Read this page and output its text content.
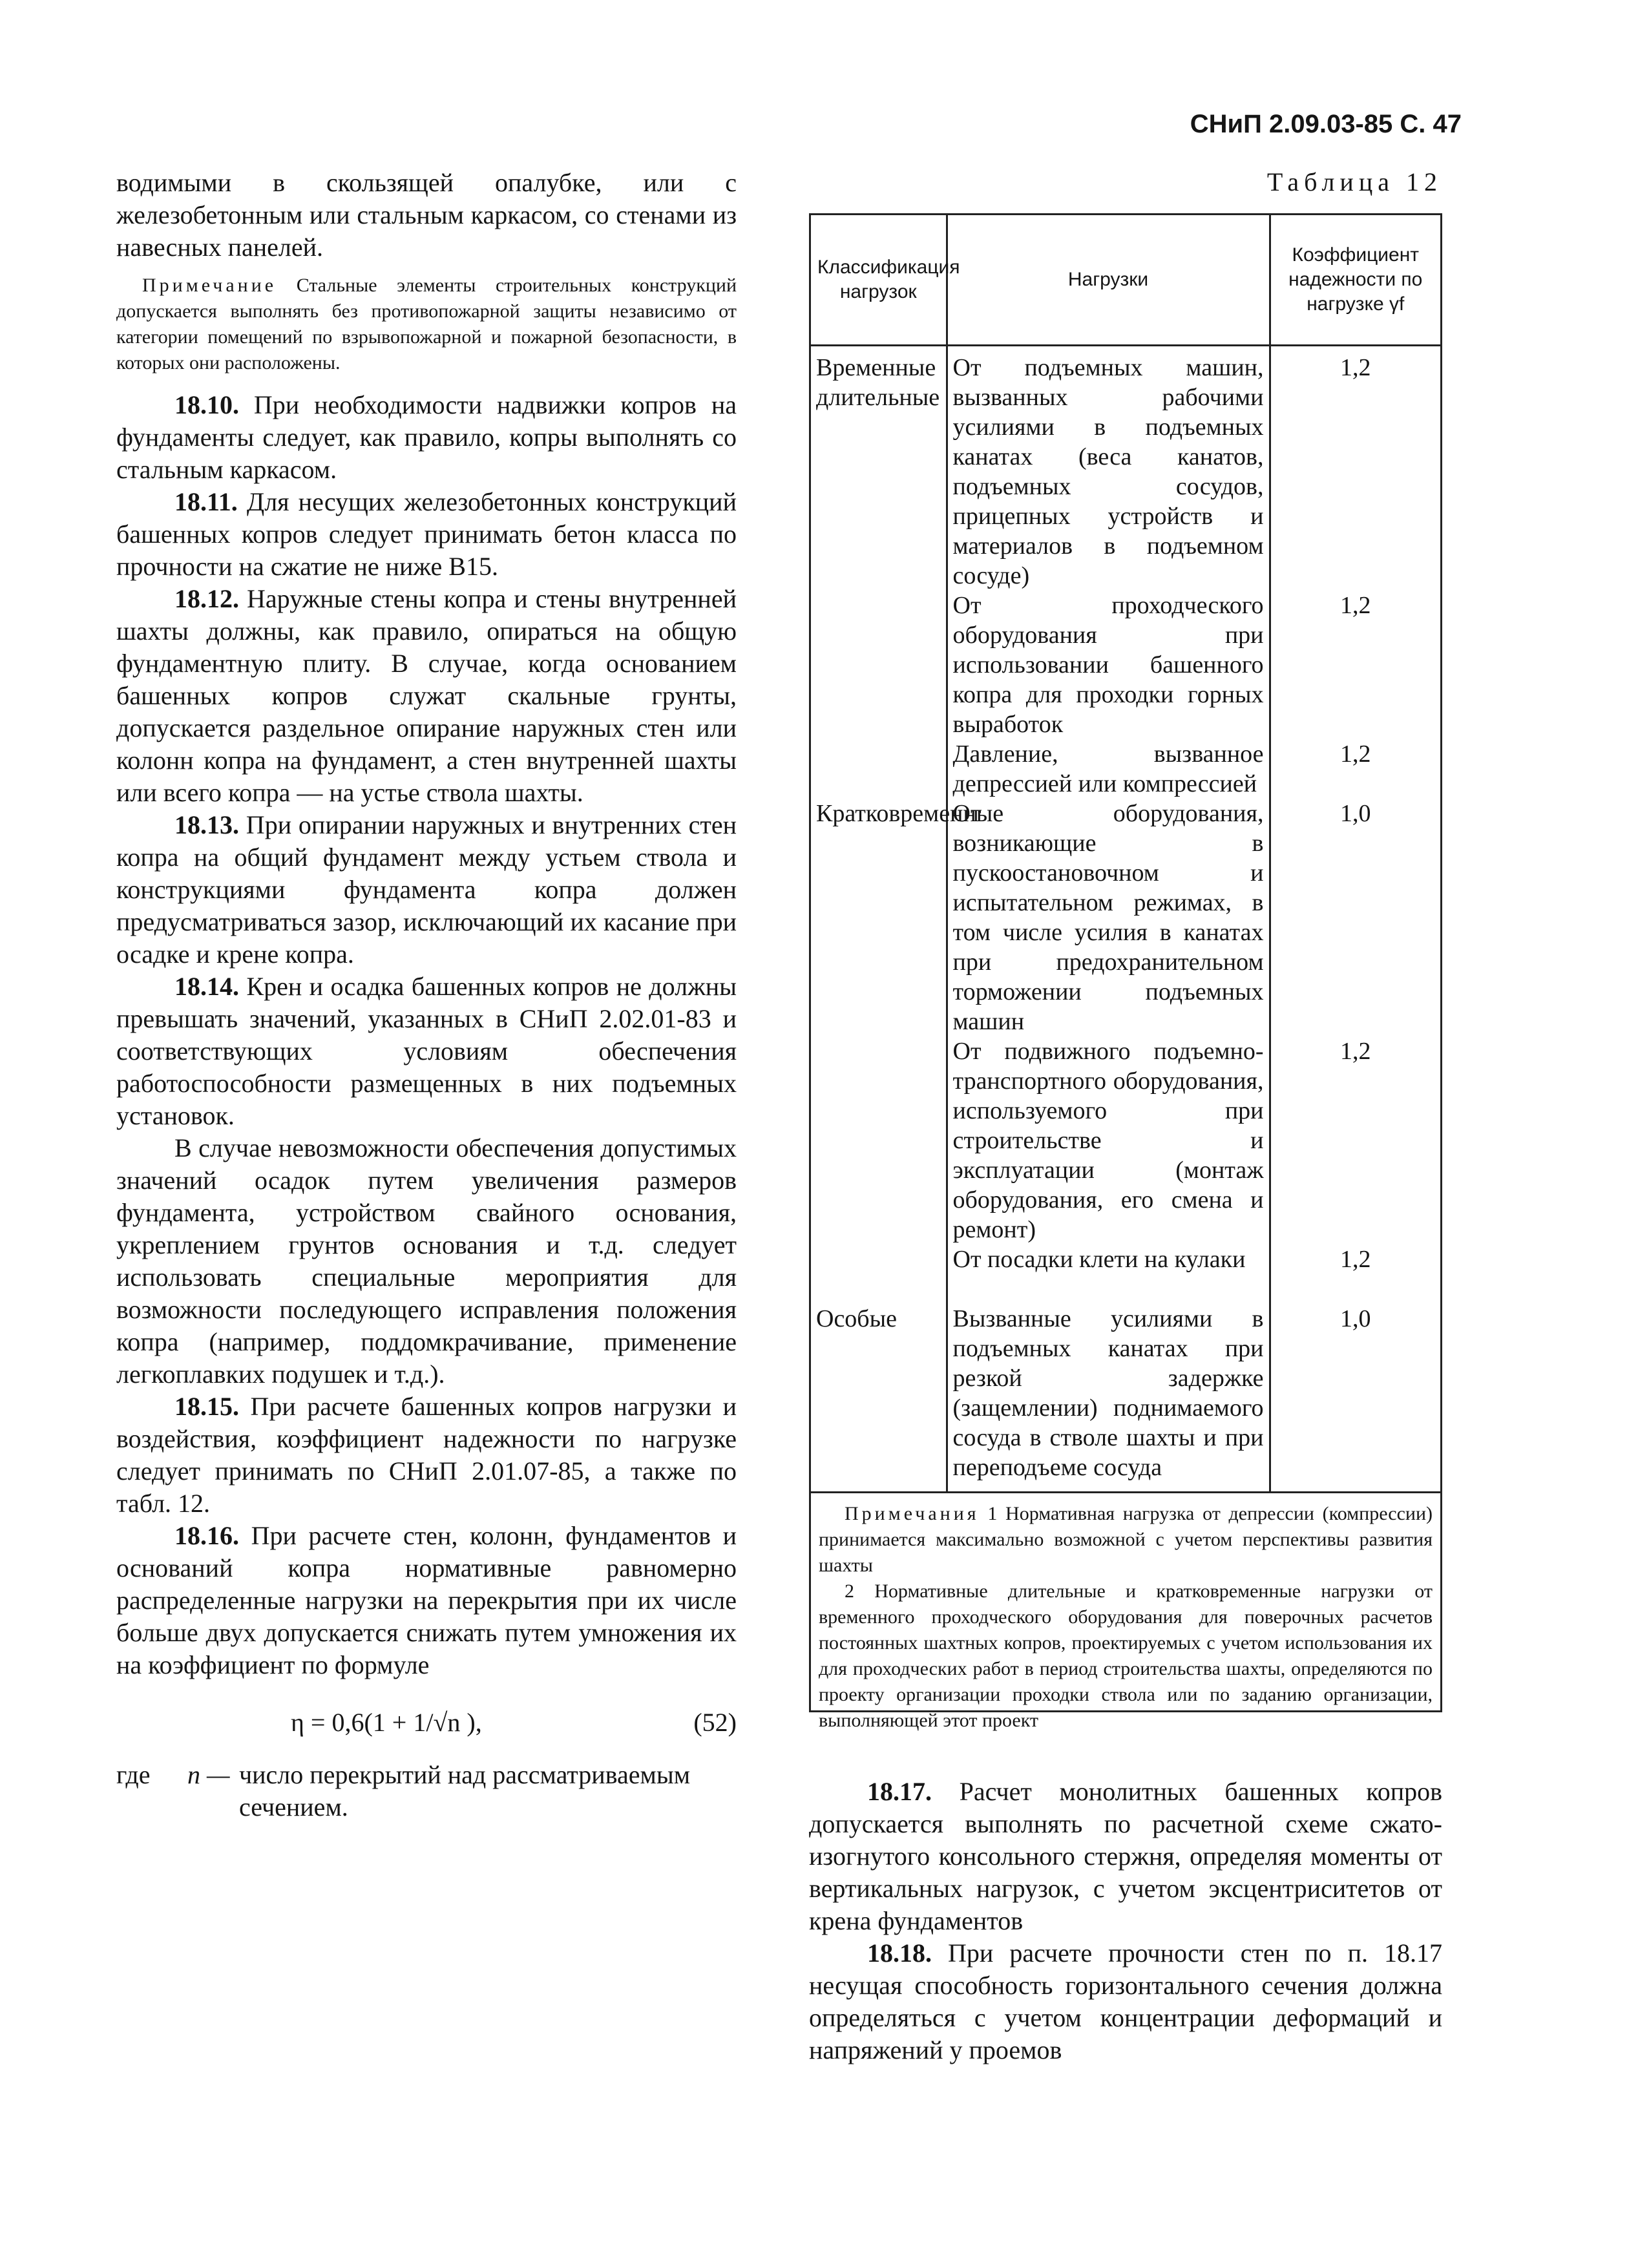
СНиП 2.09.03-85 С. 47

водимыми в скользящей опалубке, или с железобетонным или стальным каркасом, со стенами из навесных панелей.

Примечание Стальные элементы строительных конструкций допускается выполнять без противопожарной защиты независимо от категории помещений по взрывопожарной и пожарной безопасности, в которых они расположены.

18.10. При необходимости надвижки копров на фундаменты следует, как правило, копры выполнять со стальным каркасом.

18.11. Для несущих железобетонных конструкций башенных копров следует принимать бетон класса по прочности на сжатие не ниже В15.

18.12. Наружные стены копра и стены внутренней шахты должны, как правило, опираться на общую фундаментную плиту. В случае, когда основанием башенных копров служат скальные грунты, допускается раздельное опирание наружных стен или колонн копра на фундамент, а стен внутренней шахты или всего копра — на устье ствола шахты.

18.13. При опирании наружных и внутренних стен копра на общий фундамент между устьем ствола и конструкциями фундамента копра должен предусматриваться зазор, исключающий их касание при осадке и крене копра.

18.14. Крен и осадка башенных копров не должны превышать значений, указанных в СНиП 2.02.01-83 и соответствующих условиям обеспечения работоспособности размещенных в них подъемных установок.

В случае невозможности обеспечения допустимых значений осадок путем увеличения размеров фундамента, устройством свайного основания, укреплением грунтов основания и т.д. следует использовать специальные мероприятия для возможности последующего исправления положения копра (например, поддомкрачивание, применение легкоплавких подушек и т.д.).

18.15. При расчете башенных копров нагрузки и воздействия, коэффициент надежности по нагрузке следует принимать по СНиП 2.01.07-85, а также по табл. 12.

18.16. При расчете стен, колонн, фундаментов и оснований копра нормативные равномерно распределенные нагрузки на перекрытия при их числе больше двух допускается снижать путем умножения их на коэффициент по формуле

η = 0,6(1 + 1/√n ),	(52)
где	n — число перекрытий над рассматриваемым сечением.
Таблица 12
Классификация нагрузок	Нагрузки	Коэффициент надежности по нагрузке γf
Временные длительные	От подъемных машин, вызванных рабочими усилиями в подъемных канатах (веса канатов, подъемных сосудов, прицепных устройств и материалов в подъемном сосуде)	1,2
	От проходческого оборудования при использовании башенного копра для проходки горных выработок	1,2
	Давление, вызванное депрессией или компрессией	1,2
Кратковременные	От оборудования, возникающие в пускоостановочном и испытательном режимах, в том числе усилия в канатах при предохранительном торможении подъемных машин	1,0
	От подвижного подъемно-транспортного оборудования, используемого при строительстве и эксплуатации (монтаж оборудования, его смена и ремонт)	1,2
	От посадки клети на кулаки	1,2
Особые	Вызванные усилиями в подъемных канатах при резкой задержке (защемлении) поднимаемого сосуда в стволе шахты и при переподъеме сосуда	1,0

Примечания 1 Нормативная нагрузка от депрессии (компрессии) принимается максимально возможной с учетом перспективы развития шахты

2 Нормативные длительные и кратковременные нагрузки от временного проходческого оборудования для поверочных расчетов постоянных шахтных копров, проектируемых с учетом использования их для проходческих работ в период строительства шахты, определяются по проекту организации проходки ствола или по заданию организации, выполняющей этот проект

18.17. Расчет монолитных башенных копров допускается выполнять по расчетной схеме сжато-изогнутого консольного стержня, определяя моменты от вертикальных нагрузок, с учетом эксцентриситетов от крена фундаментов

18.18. При расчете прочности стен по п. 18.17 несущая способность горизонтального сечения должна определяться с учетом концентрации деформаций и напряжений у проемов
